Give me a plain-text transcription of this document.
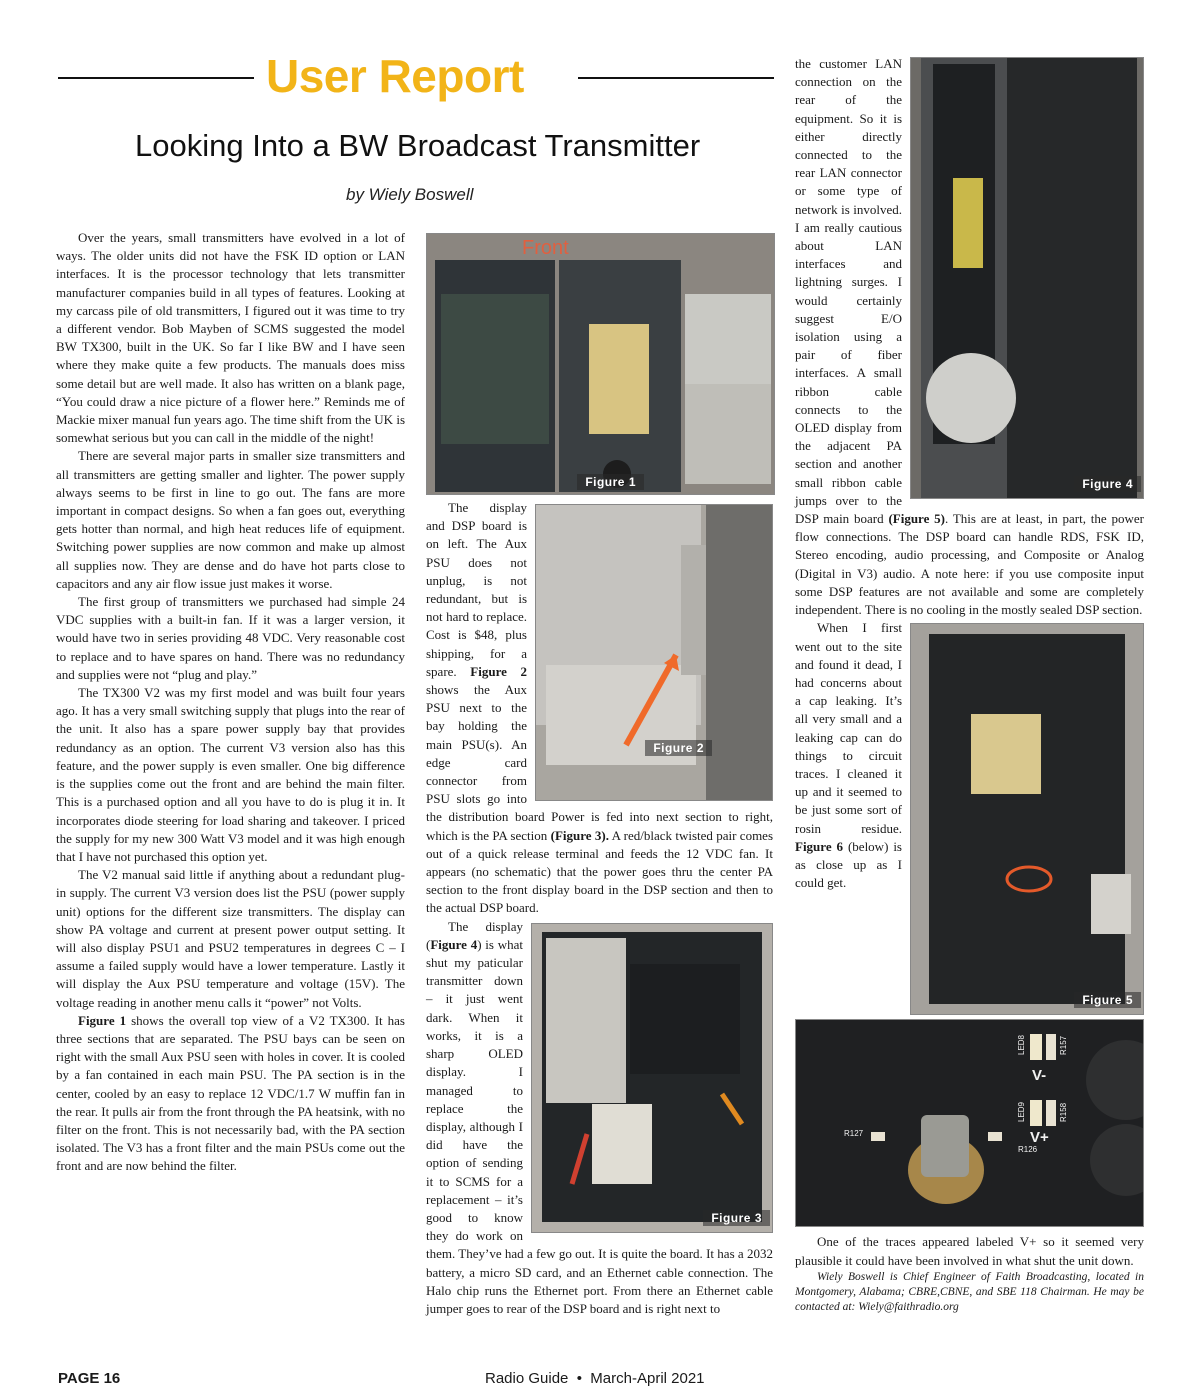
User Report
Looking Into a BW Broadcast Transmitter
by Wiely Boswell

Over the years, small transmitters have evolved in a lot of ways. The older units did not have the FSK ID option or LAN interfaces. It is the processor technology that lets transmitter manufacturer companies build in all types of features. Looking at my carcass pile of old transmitters, I figured out it was time to try a different vendor. Bob Maybеn of SCMS suggested the model BW TX300, built in the UK. So far I like BW and I have seen where they make quite a few products. The manuals does miss some detail but are well made. It also has written on a blank page, “You could draw a nice picture of a flower here.” Reminds me of Mackie mixer manual fun years ago. The time shift from the UK is somewhat serious but you can call in the middle of the night!

There are several major parts in smaller size transmitters and all transmitters are getting smaller and lighter. The power supply always seems to be first in line to go out. The fans are more important in compact designs. So when a fan goes out, everything gets hotter than normal, and high heat reduces life of equipment. Switching power supplies are now common and make up almost all supplies now. They are dense and do have hot parts close to capacitors and any air flow issue just makes it worse.

The first group of transmitters we purchased had simple 24 VDC supplies with a built-in fan. If it was a larger version, it would have two in series providing 48 VDC. Very reasonable cost to replace and to have spares on hand. There was no redundancy and supplies were not “plug and play.”

The TX300 V2 was my first model and was built four years ago. It has a very small switching supply that plugs into the rear of the unit. It also has a spare power supply bay that provides redundancy as an option. The current V3 version also has this feature, and the power supply is even smaller. One big difference is the supplies come out the front and are behind the main filter. This is a purchased option and all you have to do is plug it in. It incorporates diode steering for load sharing and takeover. I priced the supply for my new 300 Watt V3 model and it was high enough that I have not purchased this option yet.

The V2 manual said little if anything about a redundant plug-in supply. The current V3 version does list the PSU (power supply unit) options for the different size transmitters. The display can show PA voltage and current at present power output setting. It will also display PSU1 and PSU2 temperatures in degrees C – I assume a failed supply would have a lower temperature. Lastly it will display the Aux PSU temperature and voltage (15V). The voltage reading in another menu calls it “power” not Volts.

Figure 1 shows the overall top view of a V2 TX300. It has three sections that are separated. The PSU bays can be seen on right with the small Aux PSU seen with holes in cover. It is cooled by a fan contained in each main PSU. The PA section is in the center, cooled by an easy to replace 12 VDC/1.7 W muffin fan in the rear. It pulls air from the front through the PA heatsink, with no filter on the front. This is not necessarily bad, with the PA section isolated. The V3 has a front filter and the main PSUs come out the front and are now behind the filter.

Front
Figure 1
Figure 2

The display and DSP board is on left. The Aux PSU does not unplug, is not redundant, but is not hard to replace. Cost is $48, plus shipping, for a spare. Figure 2 shows the Aux PSU next to the bay holding the main PSU(s). An edge card connector from PSU slots go into the distribution board Power is fed into next section to right, which is the PA section (Figure 3). A red/black twisted pair comes out of a quick release terminal and feeds the 12 VDC fan. It appears (no schematic) that the power goes thru the center PA section to the front display board in the DSP section and then to the actual DSP board.

Figure 3

The display (Figure 4) is what shut my paticular transmitter down – it just went dark. When it works, it is a sharp OLED display. I managed to replace the display, although I did have the option of sending it to SCMS for a replacement – it’s good to know they do work on them. They’ve had a few go out. It is quite the board. It has a 2032 battery, a micro SD card, and an Ethernet cable connection. The Halo chip runs the Ethernet port. From there an Ethernet cable jumper goes to rear of the DSP board and is right next to

Figure 4

the customer LAN connection on the rear of the equipment. So it is either directly connected to the rear LAN connector or some type of network is involved. I am really cautious about LAN interfaces and lightning surges. I would certainly suggest E/O isolation using a pair of fiber interfaces. A small ribbon cable connects to the OLED display from the adjacent PA section and another small ribbon cable jumps over to the DSP main board (Figure 5). This are at least, in part, the power flow connections. The DSP board can handle RDS, FSK ID, Stereo encoding, audio processing, and Composite or Analog (Digital in V3) audio. A note here: if you use composite input some DSP features are not available and some are completely independent. There is no cooling in the mostly sealed DSP section.

Figure 5

When I first went out to the site and found it dead, I had concerns about a cap leaking. It’s all very small and a leaking cap can do things to circuit traces. I cleaned it up and it seemed to be just some sort of rosin residue. Figure 6 (below) is as close up as I could get.

LED8	R157
V-
LED9	R158
R127	V+
R126

One of the traces appeared labeled V+ so it seemed very plausible it could have been involved in what shut the unit down.

Wiely Boswell is Chief Engineer of Faith Broadcasting, located in Montgomery, Alabama; CBRE,CBNE, and SBE 118 Chairman. He may be contacted at: Wiely@faithradio.org

PAGE 16	Radio Guide  •  March-April 2021
